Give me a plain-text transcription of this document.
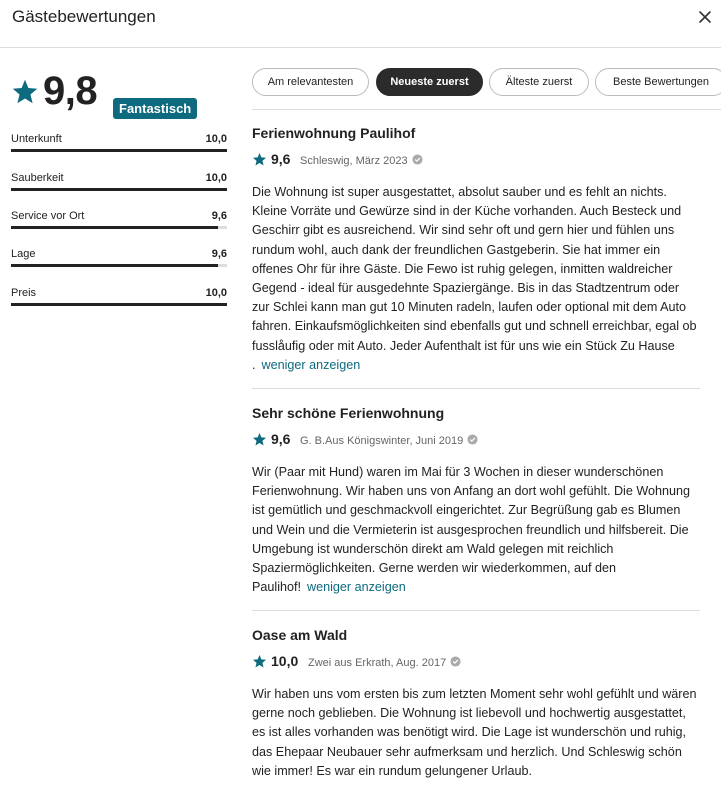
Gästebewertungen
9,8	Fantastisch
Unterkunft	10,0
Sauberkeit	10,0
Service vor Ort	9,6
Lage	9,6
Preis	10,0
Am relevantesten	Neueste zuerst	Älteste zuerst	Beste Bewertungen
Ferienwohnung Paulihof
9,6 Schleswig, März 2023
Die Wohnung ist super ausgestattet, absolut sauber und es fehlt an nichts. Kleine Vorräte und Gewürze sind in der Küche vorhanden. Auch Besteck und Geschirr gibt es ausreichend. Wir sind sehr oft und gern hier und fühlen uns rundum wohl, auch dank der freundlichen Gastgeberin. Sie hat immer ein offenes Ohr für ihre Gäste. Die Fewo ist ruhig gelegen, inmitten waldreicher Gegend - ideal für ausgedehnte Spaziergänge. Bis in das Stadtzentrum oder zur Schlei kann man gut 10 Minuten radeln, laufen oder optional mit dem Auto fahren. Einkaufsmöglichkeiten sind ebenfalls gut und schnell erreichbar, egal ob fusslåufig oder mit Auto. Jeder Aufenthalt ist für uns wie ein Stück Zu Hause . weniger anzeigen
Sehr schöne Ferienwohnung
9,6 G. B.Aus Königswinter, Juni 2019
Wir (Paar mit Hund) waren im Mai für 3 Wochen in dieser wunderschönen Ferienwohnung. Wir haben uns von Anfang an dort wohl gefühlt. Die Wohnung ist gemütlich und geschmackvoll eingerichtet. Zur Begrüßung gab es Blumen und Wein und die Vermieterin ist ausgesprochen freundlich und hilfsbereit. Die Umgebung ist wunderschön direkt am Wald gelegen mit reichlich Spaziermöglichkeiten. Gerne werden wir wiederkommen, auf den Paulihof! weniger anzeigen
Oase am Wald
10,0 Zwei aus Erkrath, Aug. 2017
Wir haben uns vom ersten bis zum letzten Moment sehr wohl gefühlt und wären gerne noch geblieben. Die Wohnung ist liebevoll und hochwertig ausgestattet, es ist alles vorhanden was benötigt wird. Die Lage ist wunderschön und ruhig, das Ehepaar Neubauer sehr aufmerksam und herzlich. Und Schleswig schön wie immer! Es war ein rundum gelungener Urlaub.
